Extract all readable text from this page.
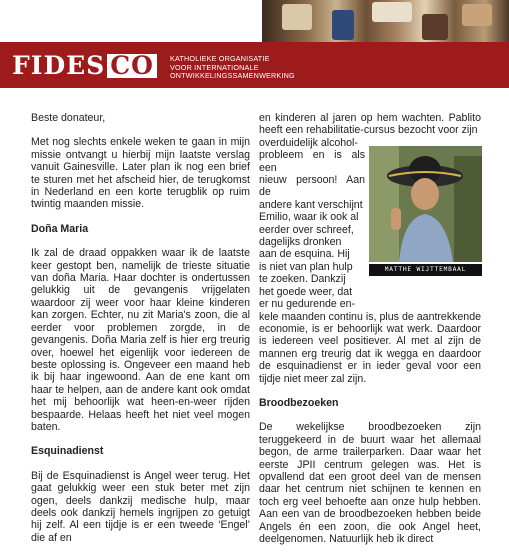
FIDES CO	KATHOLIEKE ORGANISATIE
VOOR INTERNATIONALE
ONTWIKKELINGSSAMENWERKING

Beste donateur,

Met nog slechts enkele weken te gaan in mijn missie ontvangt u hierbij mijn laatste verslag vanuit Gainesville. Later plan ik nog een brief te sturen met het afscheid hier, de terugkomst in Nederland en een korte terugblik op ruim twintig maanden missie.

Doña Maria

Ik zal de draad oppakken waar ik de laatste keer gestopt ben, namelijk de trieste situatie van doña Maria. Haar dochter is ondertussen gelukkig uit de gevangenis vrijgelaten waardoor zij weer voor haar kleine kinderen kan zorgen. Echter, nu zit Maria's zoon, die al eerder voor problemen zorgde, in de gevangenis. Doña Maria zelf is hier erg treurig over, hoewel het eigenlijk voor iedereen de beste oplossing is. Ongeveer een maand heb ik bij haar ingewoond. Aan de ene kant om haar te helpen, aan de andere kant ook omdat het mij behoorlijk wat heen-en-weer rijden bespaarde. Helaas heeft het niet veel mogen baten.

Esquinadienst

Bij de Esquinadienst is Angel weer terug. Het gaat gelukkig weer een stuk beter met zijn ogen, deels dankzij medische hulp, maar deels ook dankzij hemels ingrijpen zo getuigt hij zelf. Al een tijdje is er een tweede ‘Engel’ die af en

en kinderen al jaren op hem wachten. Pablito heeft een rehabilitatie-cursus bezocht voor zijn

overduidelijk alcohol-
probleem en is als een
nieuw persoon! Aan de
andere kant verschijnt
Emilio, waar ik ook al
eerder over schreef,
dagelijks dronken
aan de esquina. Hij
is niet van plan hulp
te zoeken. Dankzij
het goede weer, dat
er nu gedurende en-

kele maanden continu is, plus de aantrekkende economie, is er behoorlijk wat werk. Daardoor is iedereen veel positiever. Al met al zijn de mannen erg treurig dat ik wegga en daardoor de esquinadienst er in ieder geval voor een tijdje niet meer zal zijn.

Broodbezoeken

De wekelijkse broodbezoeken zijn teruggekeerd in de buurt waar het allemaal begon, de arme trailerparken. Daar waar het eerste JPII centrum gelegen was. Het is opvallend dat een groot deel van de mensen daar het centrum niet schijnen te kennen en toch erg veel behoefte aan onze hulp hebben. Aan een van de broodbezoeken hebben beide Angels én een zoon, die ook Angel heet, deelgenomen. Natuurlijk heb ik direct

MATTHE WIJTTEMBAAL
